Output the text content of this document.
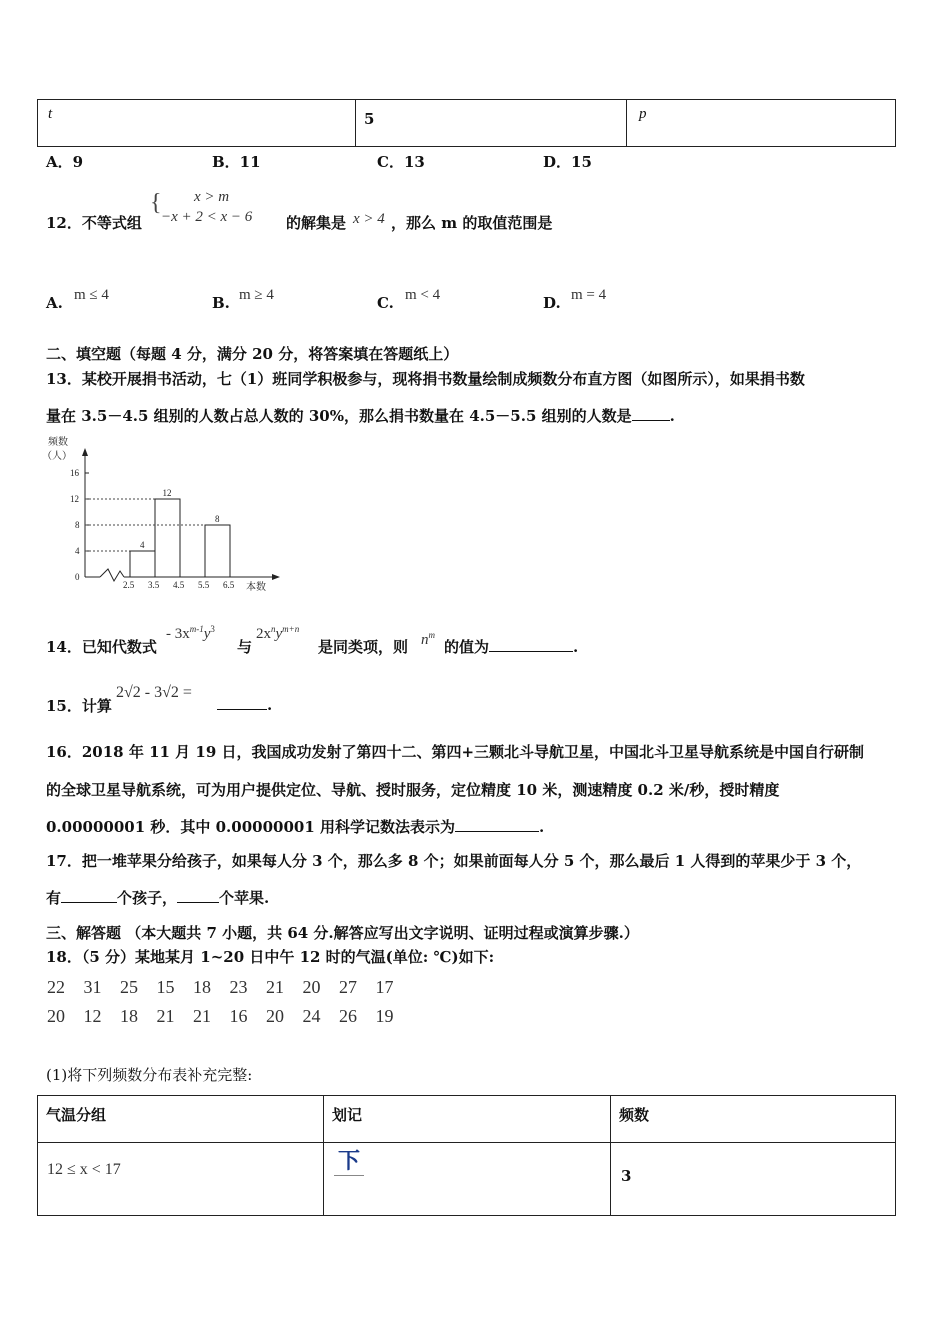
t	5	p
A．9	B．11	C．13	D．15
12．不等式组
{ x > m
−x + 2 < x − 6 的解集是 x > 4 ，那么 m 的取值范围是
A. m ≤ 4	B. m ≥ 4	C. m < 4	D. m = 4
二、填空题（每题 4 分，满分 20 分，将答案填在答题纸上）
13．某校开展捐书活动，七（1）班同学积极参与，现将捐书数量绘制成频数分布直方图（如图所示），如果捐书数
量在 3.5－4.5 组别的人数占总人数的 30%，那么捐书数量在 4.5－5.5 组别的人数是	.
频数
（人）
本数
0
4
8
12
16
4
12
8
2.5 3.5 4.5 5.5 6.5
14．已知代数式
- $3x^{m-1}y^3$
与
$2x^ny^{m+n}$
是同类项，则 $n^m$
的值为	.
15．计算
2√2 - 3√2 =
.
16．2018 年 11 月 19 日，我国成功发射了第四十二、第四+三颗北斗导航卫星，中国北斗卫星导航系统是中国自行研制
的全球卫星导航系统，可为用户提供定位、导航、授时服务，定位精度 10 米，测速精度 0.2 米/秒，授时精度
0.00000001 秒．其中 0.00000001 用科学记数法表示为	.
17．把一堆苹果分给孩子，如果每人分 3 个，那么多 8 个；如果前面每人分 5 个，那么最后 1 人得到的苹果少于 3 个，
有	个孩子，	个苹果.
三、解答题 （本大题共 7 小题，共 64 分.解答应写出文字说明、证明过程或演算步骤.）
18．（5 分）某地某月 1~20 日中午 12 时的气温(单位: ℃)如下:
22 31 25 15 18 23 21 20 27 17
20 12 18 21 21 16 20 24 26 19
(1)将下列频数分布表补充完整:
气温分组	划记	频数

12 ≤ x < 17	下	3
